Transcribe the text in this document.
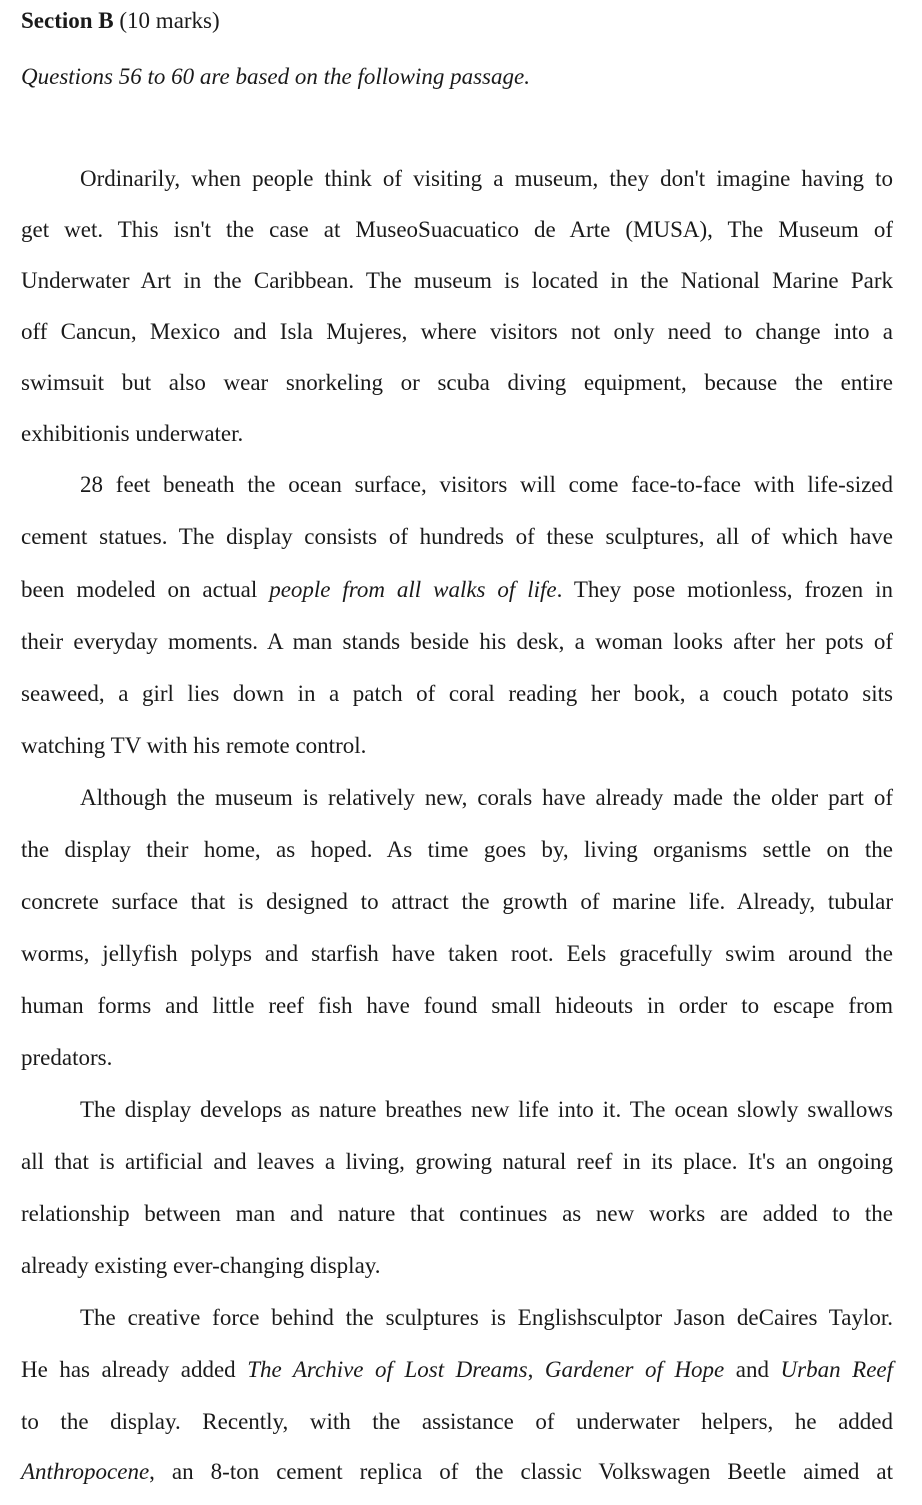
Section B (10 marks)
Questions 56 to 60 are based on the following passage.
Ordinarily, when people think of visiting a museum, they don't imagine having to
get wet. This isn't the case at MuseoSuacuatico de Arte (MUSA), The Museum of
Underwater Art in the Caribbean. The museum is located in the National Marine Park
off Cancun, Mexico and Isla Mujeres, where visitors not only need to change into a
swimsuit but also wear snorkeling or scuba diving equipment, because the entire
exhibitionis underwater.
28 feet beneath the ocean surface, visitors will come face-to-face with life-sized
cement statues. The display consists of hundreds of these sculptures, all of which have
been modeled on actual people from all walks of life. They pose motionless, frozen in
their everyday moments. A man stands beside his desk, a woman looks after her pots of
seaweed, a girl lies down in a patch of coral reading her book, a couch potato sits
watching TV with his remote control.
Although the museum is relatively new, corals have already made the older part of
the display their home, as hoped. As time goes by, living organisms settle on the
concrete surface that is designed to attract the growth of marine life. Already, tubular
worms, jellyfish polyps and starfish have taken root. Eels gracefully swim around the
human forms and little reef fish have found small hideouts in order to escape from
predators.
The display develops as nature breathes new life into it. The ocean slowly swallows
all that is artificial and leaves a living, growing natural reef in its place. It's an ongoing
relationship between man and nature that continues as new works are added to the
already existing ever-changing display.
The creative force behind the sculptures is Englishsculptor Jason deCaires Taylor.
He has already added The Archive of Lost Dreams, Gardener of Hope and Urban Reef
to the display. Recently, with the assistance of underwater helpers, he added
Anthropocene, an 8-ton cement replica of the classic Volkswagen Beetle aimed at
